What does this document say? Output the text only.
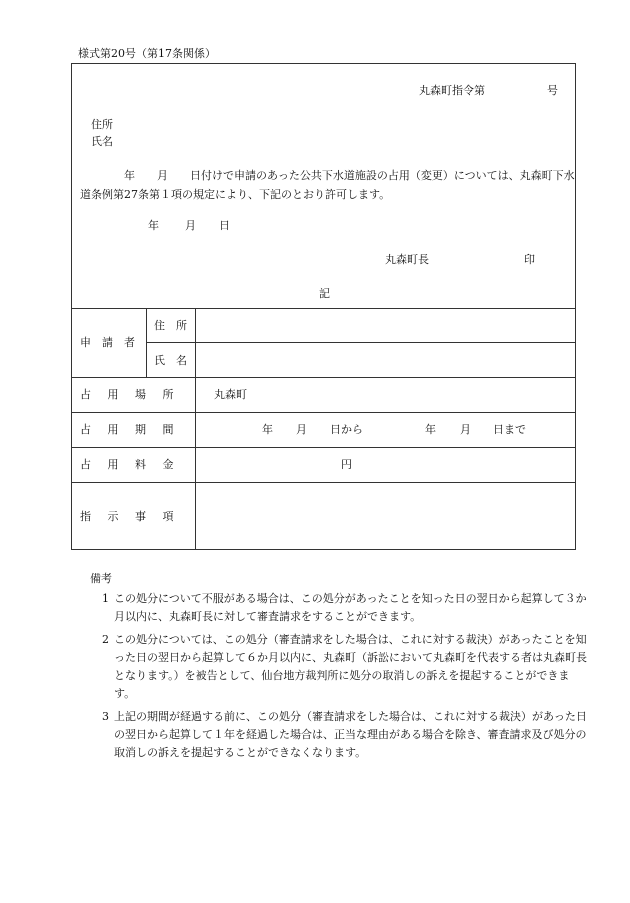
様式第20号（第17条関係）
丸森町指令第	号
住所
氏名
　　　　年　　月　　日付けで申請のあった公共下水道施設の占用（変更）については、丸森町下水道条例第27条第１項の規定により、下記のとおり許可します。
年 月 日
丸森町長	印
記
申　請　者
住　所
氏　名
占　用　場　所	丸森町
占　用　期　間	年 月 日から	年 月 日まで
占　用　料　金	円
指　示　事　項
備考
1 この処分について不服がある場合は、この処分があったことを知った日の翌日から起算して３か月以内に、丸森町長に対して審査請求をすることができます。
2 この処分については、この処分（審査請求をした場合は、これに対する裁決）があったことを知った日の翌日から起算して６か月以内に、丸森町（訴訟において丸森町を代表する者は丸森町長となります。）を被告として、仙台地方裁判所に処分の取消しの訴えを提起することができます。
3 上記の期間が経過する前に、この処分（審査請求をした場合は、これに対する裁決）があった日の翌日から起算して１年を経過した場合は、正当な理由がある場合を除き、審査請求及び処分の取消しの訴えを提起することができなくなります。
